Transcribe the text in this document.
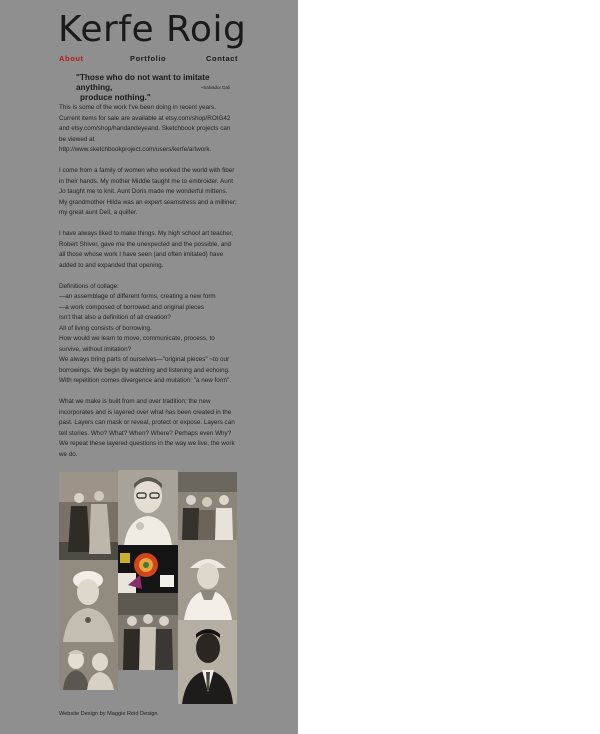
Kerfe Roig
About	Portfolio	Contact
"Those who do not want to imitate anything,
produce nothing."
~Salvador Dali

This is some of the work I've been doing in recent years.
Current items for sale are available at etsy.com/shop/ROIG42
and etsy.com/shop/handandeyeand. Sketchbook projects can
be viewed at
http://www.sketchbookproject.com/users/kerfe/artwork.

I come from a family of women who worked the world with fiber
in their hands. My mother Middie taught me to embroider. Aunt
Jo taught me to knit. Aunt Doris made me wonderful mittens.
My grandmother Hilda was an expert seamstress and a milliner;
my great aunt Dell, a quilter.

I have always liked to make things. My high school art teacher,
Robert Shiver, gave me the unexpected and the possible, and
all those whose work I have seen (and often imitated) have
added to and expanded that opening.

Definitions of collage:
—an assemblage of different forms, creating a new form
—a work composed of borrowed and original pieces
Isn't that also a definition of all creation?
All of living consists of borrowing.
How would we learn to move, communicate, process, to
survive, without imitation?
We always bring parts of ourselves—"original pieces" ~to our
borrowings. We begin by watching and listening and echoing.
With repetition comes divergence and mutation: "a new form".

What we make is built from and over tradition; the new
incorporates and is layered over what has been created in the
past. Layers can mask or reveal, protect or expose. Layers can
tell stories. Who? What? When? Where? Perhaps even Why?
We repeat these layered questions in the way we live, the work
we do.

Website Design by Maggie Reid Design
